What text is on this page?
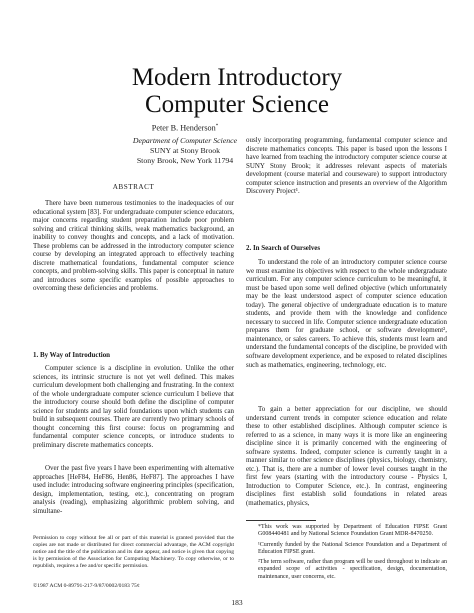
Modern Introductory
Computer Science
Peter B. Henderson*
Department of Computer Science
SUNY at Stony Brook
Stony Brook, New York 11794
ABSTRACT

There have been numerous testimonies to the inadequacies of our educational system [83]. For undergraduate computer science educators, major concerns regarding student preparation include poor problem solving and critical thinking skills, weak mathematics background, an inability to convey thoughts and concepts, and a lack of motivation. These problems can be addressed in the introductory computer science course by developing an integrated approach to effectively teaching discrete mathematical foundations, fundamental computer science concepts, and problem-solving skills. This paper is conceptual in nature and introduces some specific examples of possible approaches to overcoming these deficiencies and problems.

1. By Way of Introduction

Computer science is a discipline in evolution. Unlike the other sciences, its intrinsic structure is not yet well defined. This makes curriculum development both challenging and frustrating. In the context of the whole undergraduate computer science curriculum I believe that the introductory course should both define the discipline of computer science for students and lay solid foundations upon which students can build in subsequent courses. There are currently two primary schools of thought concerning this first course: focus on programming and fundamental computer science concepts, or introduce students to preliminary discrete mathematics concepts.

Over the past five years I have been experimenting with alternative approaches [HeF84, HeF86, Hen86, HeF87]. The approaches I have used include: introducing software engineering principles (specification, design, implementation, testing, etc.), concentrating on program analysis (reading), emphasizing algorithmic problem solving, and simultane-

ously incorporating programming, fundamental computer science and discrete mathematics concepts. This paper is based upon the lessons I have learned from teaching the introductory computer science course at SUNY Stony Brook; it addresses relevant aspects of materials development (course material and courseware) to support introductory computer science instruction and presents an overview of the Algorithm Discovery Project¹.

2. In Search of Ourselves

To understand the role of an introductory computer science course we must examine its objectives with respect to the whole undergraduate curriculum. For any computer science curriculum to be meaningful, it must be based upon some well defined objective (which unfortunately may be the least understood aspect of computer science education today). The general objective of undergraduate education is to mature students, and provide them with the knowledge and confidence necessary to succeed in life. Computer science undergraduate education prepares them for graduate school, or software development², maintenance, or sales careers. To achieve this, students must learn and understand the fundamental concepts of the discipline, be provided with software development experience, and be exposed to related disciplines such as mathematics, engineering, technology, etc.

To gain a better appreciation for our discipline, we should understand current trends in computer science education and relate these to other established disciplines. Although computer science is referred to as a science, in many ways it is more like an engineering discipline since it is primarily concerned with the engineering of software systems. Indeed, computer science is currently taught in a manner similar to other science disciplines (physics, biology, chemistry, etc.). That is, there are a number of lower level courses taught in the first few years (starting with the introductory course - Physics I, Introduction to Computer Science, etc.). In contrast, engineering disciplines first establish solid foundations in related areas (mathematics, physics,

*This work was supported by Department of Education FIPSE Grant G008440481 and by National Science Foundation Grant MDR-8470250.

¹Currently funded by the National Science Foundation and a Department of Education FIPSE grant.

²The term software, rather than program will be used throughout to indicate an expanded scope of activities - specification, design, documentation, maintenance, user concerns, etc.

Permission to copy without fee all or part of this material is granted provided that the copies are not made or distributed for direct commercial advantage, the ACM copyright notice and the title of the publication and its date appear, and notice is given that copying is by permission of the Association for Computing Machinery. To copy otherwise, or to republish, requires a fee and/or specific permission.
©1987 ACM 0-89791-217-9/87/0002/0183 75¢
183
